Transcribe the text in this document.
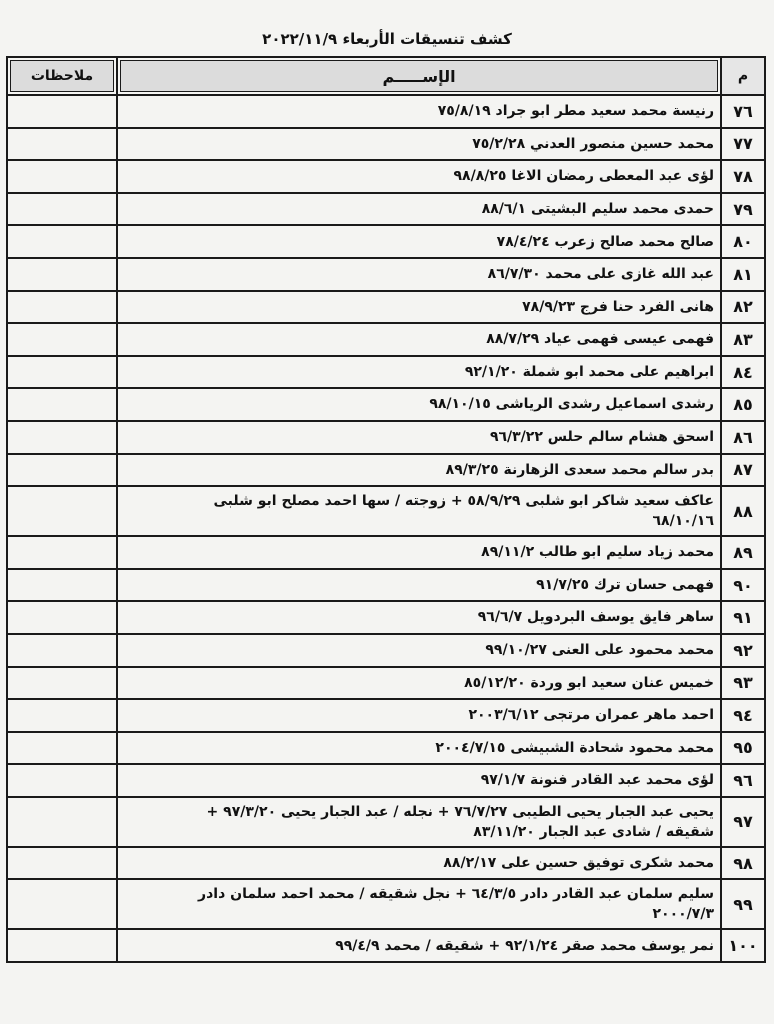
كشف تنسيقات الأربعاء ٢٠٢٢/١١/٩
م	الإســـــم	ملاحظات
٧٦	رنيسة محمد سعيد مطر ابو جراد ٧٥/٨/١٩	
٧٧	محمد حسين منصور العدني ٧٥/٢/٢٨	
٧٨	لؤى عبد المعطى رمضان الاغا ٩٨/٨/٢٥	
٧٩	حمدى محمد سليم البشيتى ٨٨/٦/١	
٨٠	صالح محمد صالح زعرب ٧٨/٤/٢٤	
٨١	عبد الله غازى على محمد ٨٦/٧/٣٠	
٨٢	هانى الفرد حنا فرج ٧٨/٩/٢٣	
٨٣	فهمى عيسى فهمى عياد ٨٨/٧/٢٩	
٨٤	ابراهيم على محمد ابو شملة ٩٢/١/٢٠	
٨٥	رشدى اسماعيل رشدى الرياشى ٩٨/١٠/١٥	
٨٦	اسحق هشام سالم حلس ٩٦/٣/٢٢	
٨٧	بدر سالم محمد سعدى الزهارنة ٨٩/٣/٢٥	
٨٨	عاكف سعيد شاكر ابو شلبى ٥٨/٩/٢٩ + زوجته / سها احمد مصلح ابو شلبى
٦٨/١٠/١٦	
٨٩	محمد زياد سليم ابو طالب ٨٩/١١/٢	
٩٠	فهمى حسان ترك ٩١/٧/٢٥	
٩١	ساهر فايق يوسف البردويل ٩٦/٦/٧	
٩٢	محمد محمود على العنى ٩٩/١٠/٢٧	
٩٣	خميس عنان سعيد ابو وردة ٨٥/١٢/٢٠	
٩٤	احمد ماهر عمران مرتجى ٢٠٠٣/٦/١٢	
٩٥	محمد محمود شحادة الشبيشى ٢٠٠٤/٧/١٥	
٩٦	لؤى محمد عبد القادر فنونة ٩٧/١/٧	
٩٧	يحيى عبد الجبار يحيى الطيبى ٧٦/٧/٢٧ + نجله / عبد الجبار يحيى ٩٧/٣/٢٠ +
شقيقه / شادى عبد الجبار ٨٣/١١/٢٠	
٩٨	محمد شكرى توفيق حسين على ٨٨/٢/١٧	
٩٩	سليم سلمان عبد القادر دادر ٦٤/٣/٥ + نجل شقيقه / محمد احمد سلمان دادر
٢٠٠٠/٧/٣	
١٠٠	نمر يوسف محمد صقر ٩٢/١/٢٤ + شقيقه / محمد ٩٩/٤/٩	
